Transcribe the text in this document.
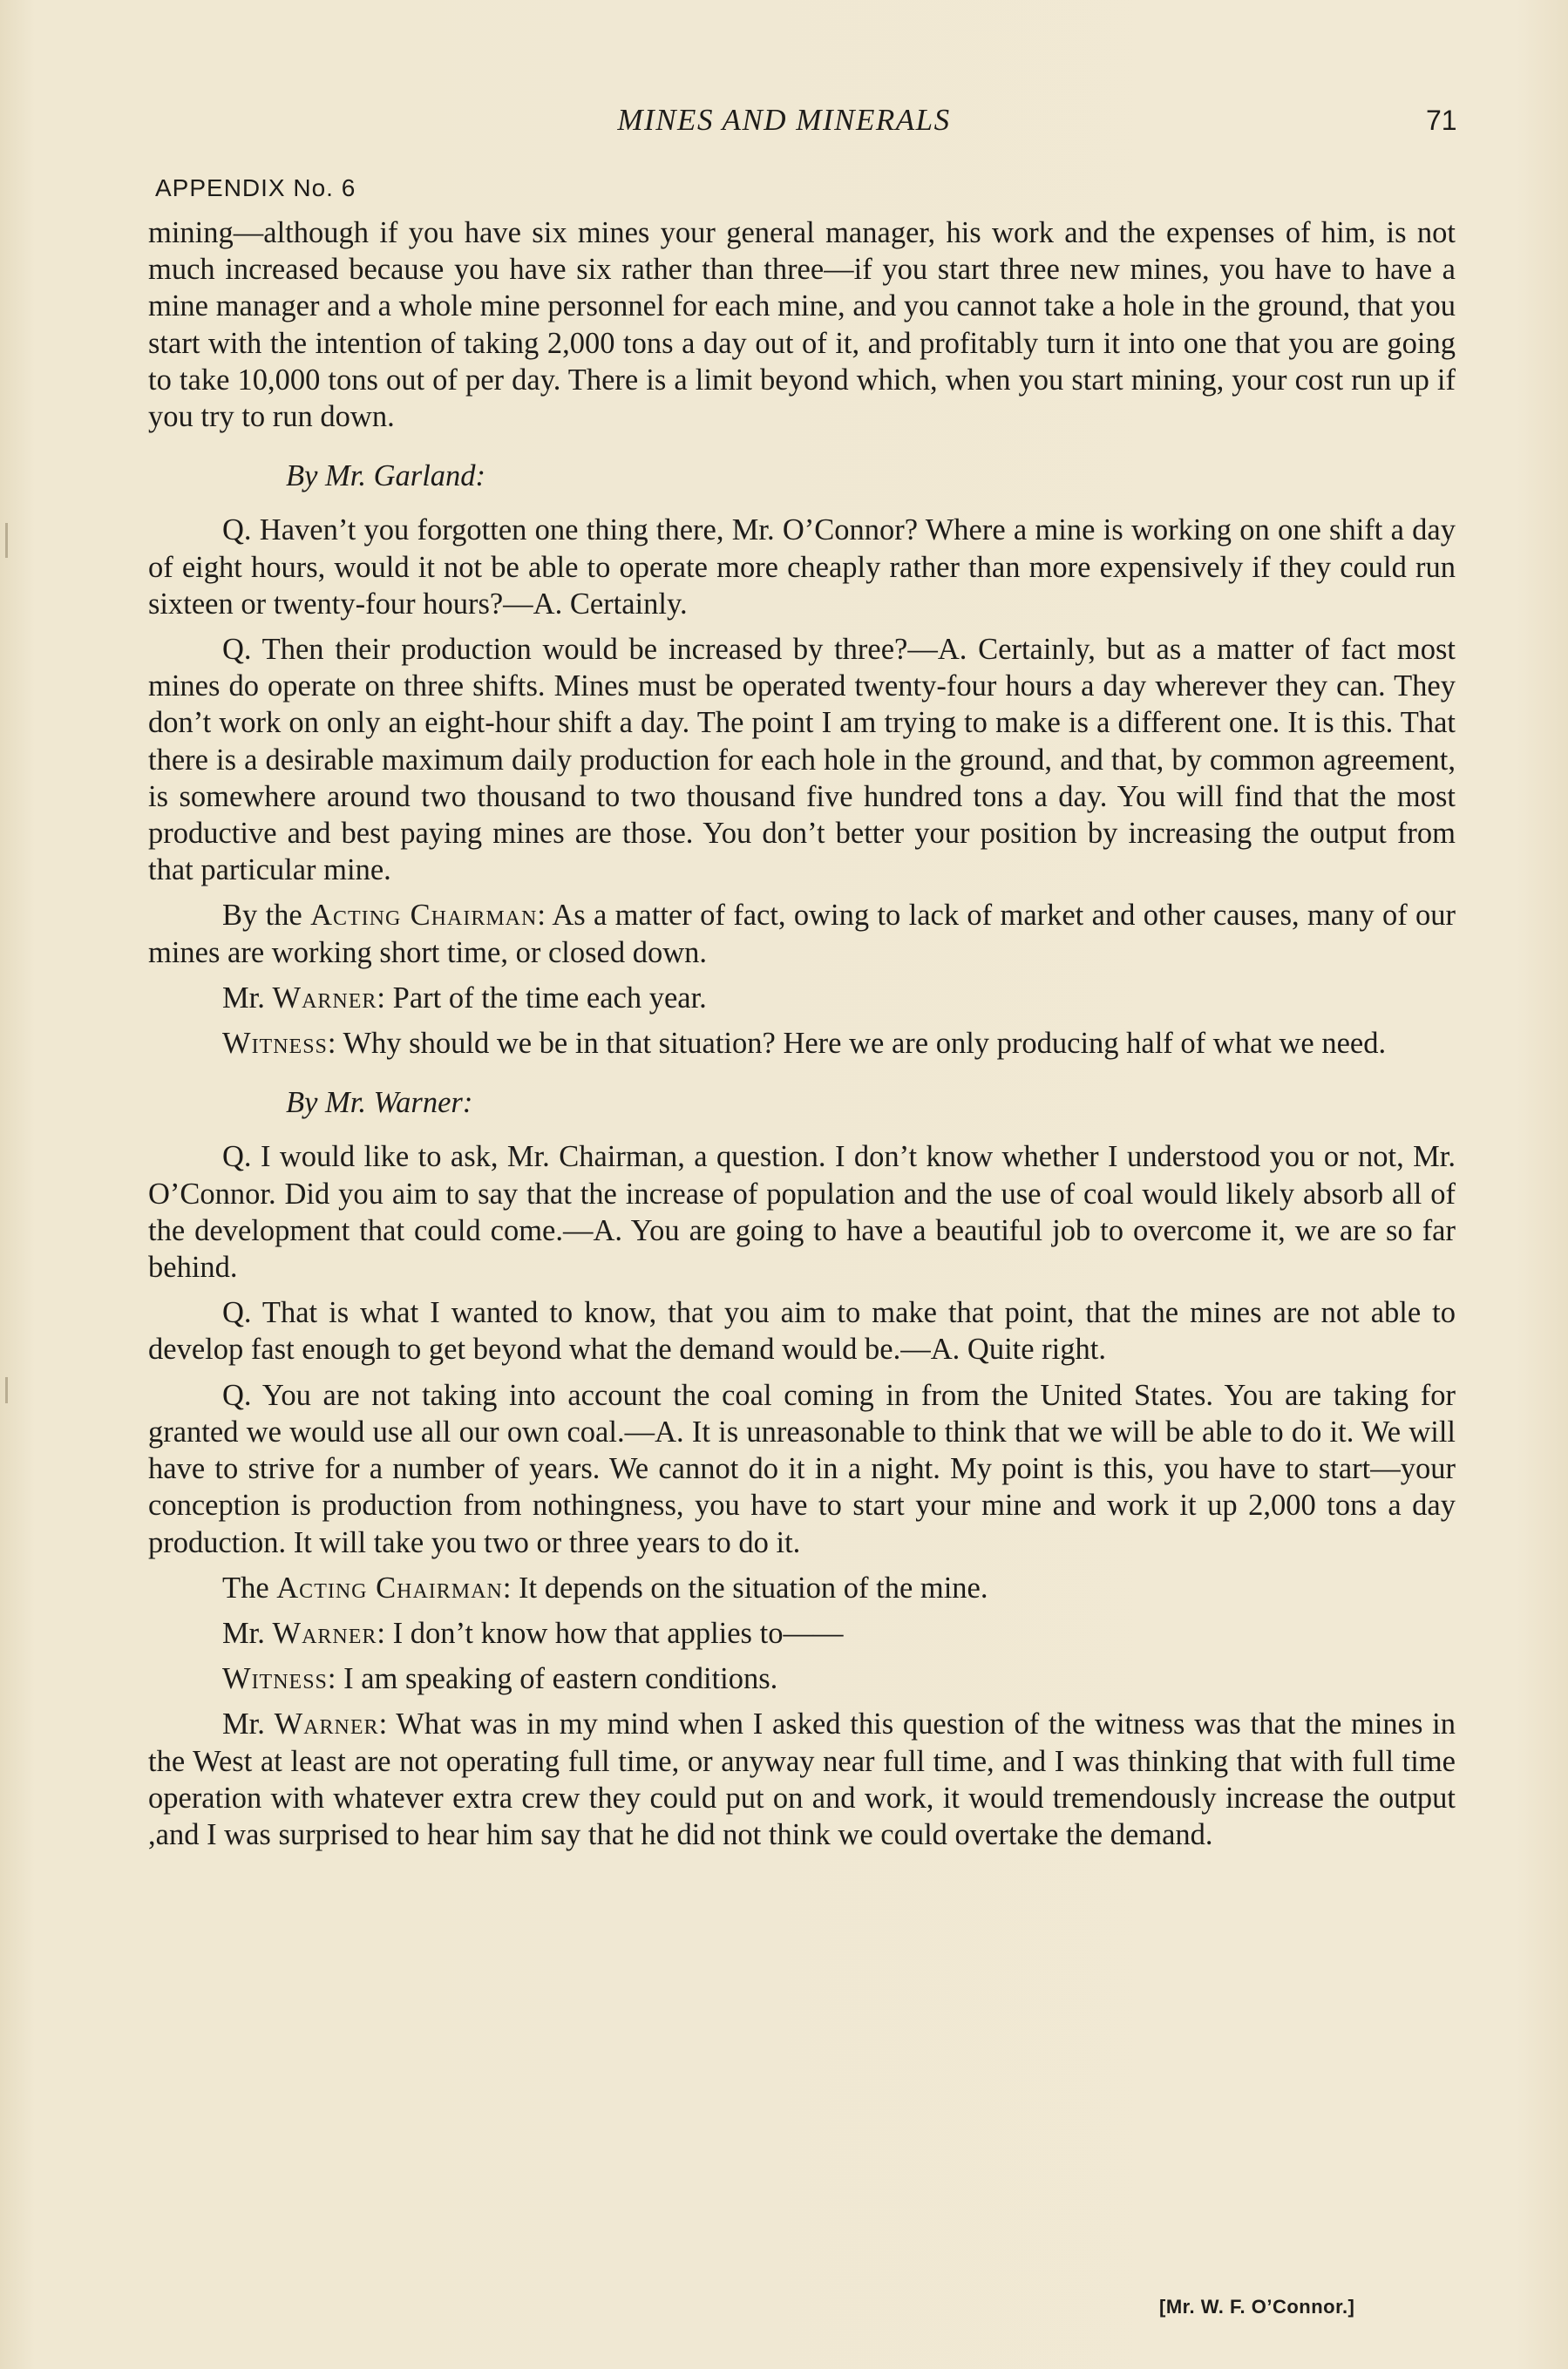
MINES AND MINERALS	71
APPENDIX No. 6

mining—although if you have six mines your general manager, his work and the expenses of him, is not much increased because you have six rather than three—if you start three new mines, you have to have a mine manager and a whole mine personnel for each mine, and you cannot take a hole in the ground, that you start with the intention of taking 2,000 tons a day out of it, and profitably turn it into one that you are going to take 10,000 tons out of per day. There is a limit beyond which, when you start mining, your cost run up if you try to run down.

By Mr. Garland:

Q. Haven’t you forgotten one thing there, Mr. O’Connor? Where a mine is working on one shift a day of eight hours, would it not be able to operate more cheaply rather than more expensively if they could run sixteen or twenty-four hours?—A. Certainly.

Q. Then their production would be increased by three?—A. Certainly, but as a matter of fact most mines do operate on three shifts. Mines must be operated twenty-four hours a day wherever they can. They don’t work on only an eight-hour shift a day. The point I am trying to make is a different one. It is this. That there is a desirable maximum daily production for each hole in the ground, and that, by common agreement, is somewhere around two thousand to two thousand five hundred tons a day. You will find that the most productive and best paying mines are those. You don’t better your position by increasing the output from that particular mine.

By the Acting Chairman: As a matter of fact, owing to lack of market and other causes, many of our mines are working short time, or closed down.

Mr. Warner: Part of the time each year.

Witness: Why should we be in that situation? Here we are only producing half of what we need.

By Mr. Warner:

Q. I would like to ask, Mr. Chairman, a question. I don’t know whether I understood you or not, Mr. O’Connor. Did you aim to say that the increase of population and the use of coal would likely absorb all of the development that could come.—A. You are going to have a beautiful job to overcome it, we are so far behind.

Q. That is what I wanted to know, that you aim to make that point, that the mines are not able to develop fast enough to get beyond what the demand would be.—A. Quite right.

Q. You are not taking into account the coal coming in from the United States. You are taking for granted we would use all our own coal.—A. It is unreasonable to think that we will be able to do it. We will have to strive for a number of years. We cannot do it in a night. My point is this, you have to start—your conception is production from nothingness, you have to start your mine and work it up 2,000 tons a day production. It will take you two or three years to do it.

The Acting Chairman: It depends on the situation of the mine.

Mr. Warner: I don’t know how that applies to——

Witness: I am speaking of eastern conditions.

Mr. Warner: What was in my mind when I asked this question of the witness was that the mines in the West at least are not operating full time, or anyway near full time, and I was thinking that with full time operation with whatever extra crew they could put on and work, it would tremendously increase the output ,and I was surprised to hear him say that he did not think we could overtake the demand.

[Mr. W. F. O’Connor.]
